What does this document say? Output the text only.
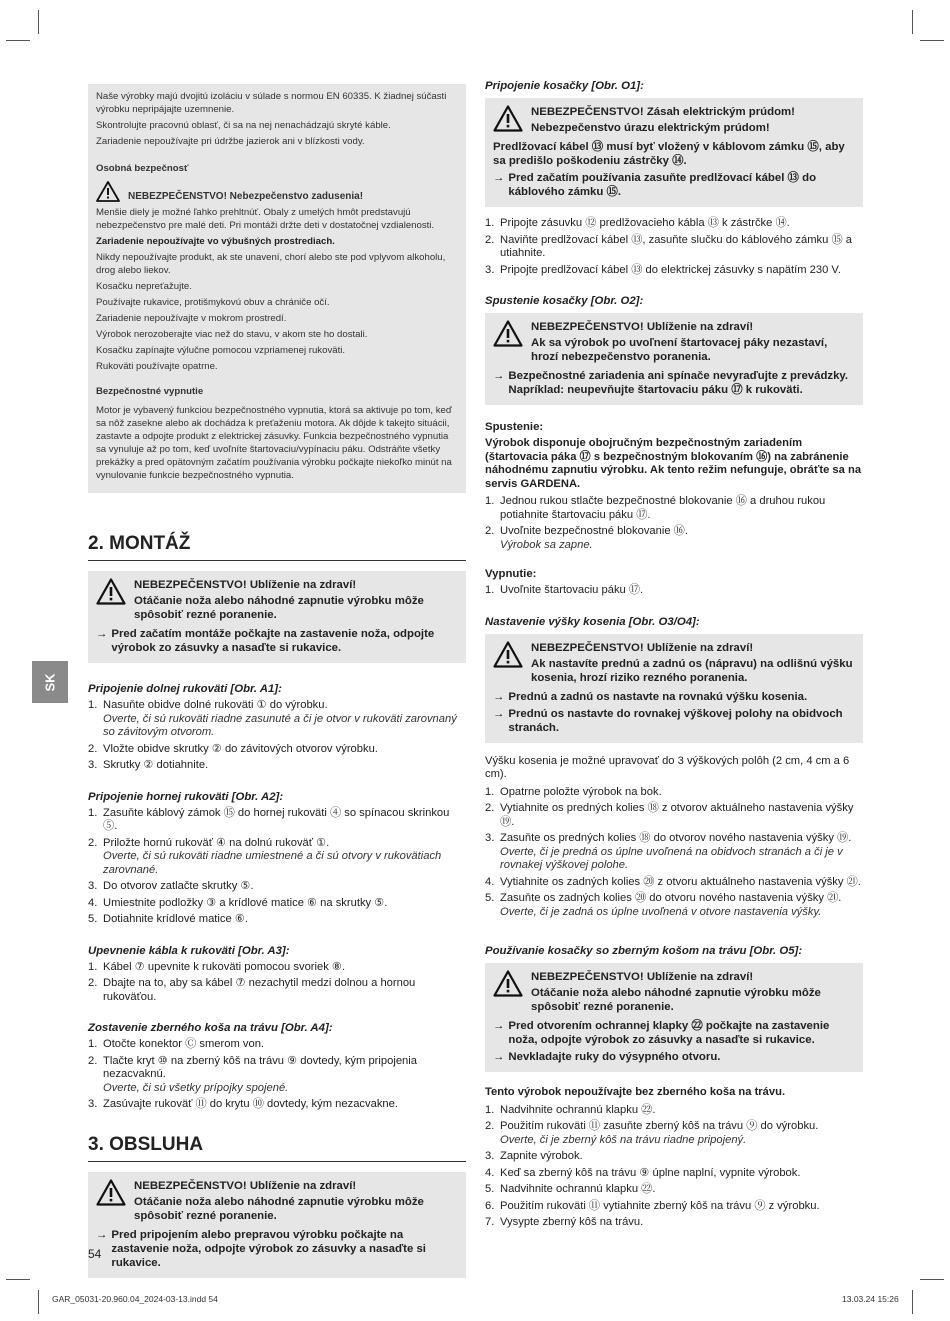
SK

Naše výrobky majú dvojitú izoláciu v súlade s normou EN 60335. K žiadnej súčasti výrobku nepripájajte uzemnenie.

Skontrolujte pracovnú oblasť, či sa na nej nenachádzajú skryté káble.

Zariadenie nepoužívajte pri údržbe jazierok ani v blízkosti vody.

Osobná bezpečnosť
NEBEZPEČENSTVO! Nebezpečenstvo zadusenia!

Menšie diely je možné ľahko prehltnúť. Obaly z umelých hmôt predstavujú nebezpečenstvo pre malé deti. Pri montáži držte deti v dostatočnej vzdialenosti.

Zariadenie nepoužívajte vo výbušných prostrediach.

Nikdy nepoužívajte produkt, ak ste unavení, chorí alebo ste pod vplyvom alkoholu, drog alebo liekov.

Kosačku nepreťažujte.

Používajte rukavice, protišmykovú obuv a chrániče očí.

Zariadenie nepoužívajte v mokrom prostredí.

Výrobok nerozoberajte viac než do stavu, v akom ste ho dostali.

Kosačku zapínajte výlučne pomocou vzpriamenej rukoväti.

Rukoväti používajte opatrne.

Bezpečnostné vypnutie

Motor je vybavený funkciou bezpečnostného vypnutia, ktorá sa aktivuje po tom, keď sa nôž zasekne alebo ak dochádza k preťaženiu motora. Ak dôjde k takejto situácii, zastavte a odpojte produkt z elektrickej zásuvky. Funkcia bezpečnostného vypnutia sa vynuluje až po tom, keď uvoľníte štartovaciu/vypínaciu páku. Odstráňte všetky prekážky a pred opätovným začatím používania výrobku počkajte niekoľko minút na vynulovanie funkcie bezpečnostného vypnutia.

2. MONTÁŽ
NEBEZPEČENSTVO! Ublíženie na zdraví!
Otáčanie noža alebo náhodné zapnutie výrobku môže spôsobiť rezné poranenie.
→ Pred začatím montáže počkajte na zastavenie noža, odpojte výrobok zo zásuvky a nasaďte si rukavice.
Pripojenie dolnej rukoväti [Obr. A1]:
1. Nasuňte obidve dolné rukoväti ① do výrobku.
Overte, či sú rukoväti riadne zasunuté a či je otvor v rukoväti zarovnaný so závitovým otvorom.
2. Vložte obidve skrutky ② do závitových otvorov výrobku.
3. Skrutky ② dotiahnite.
Pripojenie hornej rukoväti [Obr. A2]:
1. Zasuňte káblový zámok ⑮ do hornej rukoväti ④ so spínacou skrinkou ⑤.
2. Priložte hornú rukoväť ④ na dolnú rukoväť ①.
Overte, či sú rukoväti riadne umiestnené a či sú otvory v rukovätiach zarovnané.
3. Do otvorov zatlačte skrutky ⑤.
4. Umiestnite podložky ③ a krídlové matice ⑥ na skrutky ⑤.
5. Dotiahnite krídlové matice ⑥.
Upevnenie kábla k rukoväti [Obr. A3]:
1. Kábel ⑦ upevnite k rukoväti pomocou svoriek ⑧.
2. Dbajte na to, aby sa kábel ⑦ nezachytil medzi dolnou a hornou rukoväťou.
Zostavenie zberného koša na trávu [Obr. A4]:
1. Otočte konektor Ⓒ smerom von.
2. Tlačte kryt ⑩ na zberný kôš na trávu ⑨ dovtedy, kým pripojenia nezacvaknú.
Overte, či sú všetky prípojky spojené.
3. Zasúvajte rukoväť ⑪ do krytu ⑩ dovtedy, kým nezacvakne.
3. OBSLUHA
NEBEZPEČENSTVO! Ublíženie na zdraví!
Otáčanie noža alebo náhodné zapnutie výrobku môže spôsobiť rezné poranenie.
→ Pred pripojením alebo prepravou výrobku počkajte na zastavenie noža, odpojte výrobok zo zásuvky a nasaďte si rukavice.
Pripojenie kosačky [Obr. O1]:
NEBEZPEČENSTVO! Zásah elektrickým prúdom!
Nebezpečenstvo úrazu elektrickým prúdom!
Predlžovací kábel ⑬ musí byť vložený v káblovom zámku ⑮, aby sa predišlo poškodeniu zástrčky ⑭.
→ Pred začatím používania zasuňte predlžovací kábel ⑬ do káblového zámku ⑮.
1. Pripojte zásuvku ⑫ predlžovacieho kábla ⑬ k zástrčke ⑭.
2. Naviňte predlžovací kábel ⑬, zasuňte slučku do káblového zámku ⑮ a utiahnite.
3. Pripojte predlžovací kábel ⑬ do elektrickej zásuvky s napätím 230 V.
Spustenie kosačky [Obr. O2]:
NEBEZPEČENSTVO! Ublíženie na zdraví!
Ak sa výrobok po uvoľnení štartovacej páky nezastaví, hrozí nebezpečenstvo poranenia.
→ Bezpečnostné zariadenia ani spínače nevyraďujte z prevádzky. Napríklad: neupevňujte štartovaciu páku ⑰ k rukoväti.
Spustenie:
Výrobok disponuje obojručným bezpečnostným zariadením (štartovacia páka ⑰ s bezpečnostným blokovaním ⑯) na zabránenie náhodnému zapnutiu výrobku. Ak tento režim nefunguje, obráťte sa na servis GARDENA.
1. Jednou rukou stlačte bezpečnostné blokovanie ⑯ a druhou rukou potiahnite štartovaciu páku ⑰.
2. Uvoľnite bezpečnostné blokovanie ⑯.
Výrobok sa zapne.
Vypnutie:
1. Uvoľnite štartovaciu páku ⑰.
Nastavenie výšky kosenia [Obr. O3/O4]:
NEBEZPEČENSTVO! Ublíženie na zdraví!
Ak nastavíte prednú a zadnú os (nápravu) na odlišnú výšku kosenia, hrozí riziko rezného poranenia.
→ Prednú a zadnú os nastavte na rovnakú výšku kosenia.
→ Prednú os nastavte do rovnakej výškovej polohy na obidvoch stranách.
Výšku kosenia je možné upravovať do 3 výškových polôh (2 cm, 4 cm a 6 cm).
1. Opatrne položte výrobok na bok.
2. Vytiahnite os predných kolies ⑱ z otvorov aktuálneho nastavenia výšky ⑲.
3. Zasuňte os predných kolies ⑱ do otvorov nového nastavenia výšky ⑲.
Overte, či je predná os úplne uvoľnená na obidvoch stranách a či je v rovnakej výškovej polohe.
4. Vytiahnite os zadných kolies ⑳ z otvoru aktuálneho nastavenia výšky ㉑.
5. Zasuňte os zadných kolies ⑳ do otvoru nového nastavenia výšky ㉑.
Overte, či je zadná os úplne uvoľnená v otvore nastavenia výšky.
Používanie kosačky so zberným košom na trávu [Obr. O5]:
NEBEZPEČENSTVO! Ublíženie na zdraví!
Otáčanie noža alebo náhodné zapnutie výrobku môže spôsobiť rezné poranenie.
→ Pred otvorením ochrannej klapky ㉒ počkajte na zastavenie noža, odpojte výrobok zo zásuvky a nasaďte si rukavice.
→ Nevkladajte ruky do výsypného otvoru.
Tento výrobok nepoužívajte bez zberného koša na trávu.
1. Nadvihnite ochrannú klapku ㉒.
2. Použitím rukoväti ⑪ zasuňte zberný kôš na trávu ⑨ do výrobku.
Overte, či je zberný kôš na trávu riadne pripojený.
3. Zapnite výrobok.
4. Keď sa zberný kôš na trávu ⑨ úplne naplní, vypnite výrobok.
5. Nadvihnite ochrannú klapku ㉒.
6. Použitím rukoväti ⑪ vytiahnite zberný kôš na trávu ⑨ z výrobku.
7. Vysypte zberný kôš na trávu.
54
GAR_05031-20.960.04_2024-03-13.indd 54	13.03.24 15:26
